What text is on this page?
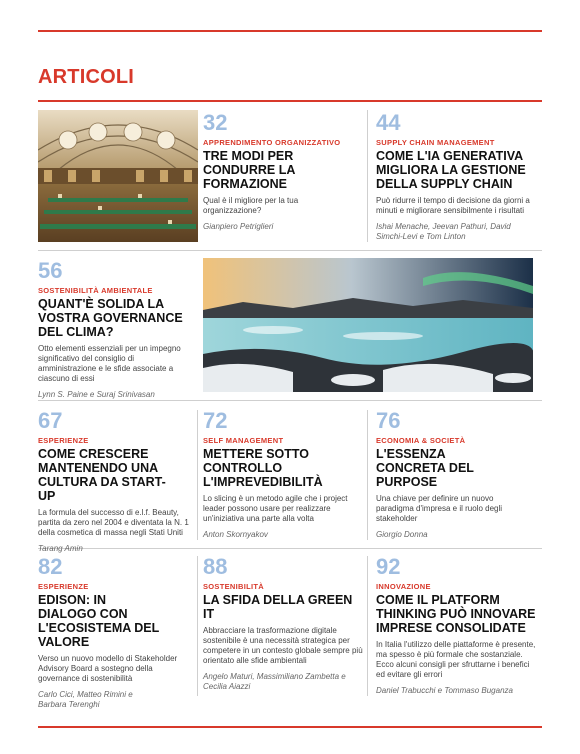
ARTICOLI
32
APPRENDIMENTO ORGANIZZATIVO
TRE MODI PER CONDURRE LA FORMAZIONE
Qual è il migliore per la tua organizzazione?
Gianpiero Petriglieri
44
SUPPLY CHAIN MANAGEMENT
COME L'IA GENERATIVA MIGLIORA LA GESTIONE DELLA SUPPLY CHAIN
Può ridurre il tempo di decisione da giorni a minuti e migliorare sensibilmente i risultati
Ishai Menache, Jeevan Pathuri, David Simchi-Levi e Tom Linton
56
SOSTENIBILITÀ AMBIENTALE
QUANT'È SOLIDA LA VOSTRA GOVERNANCE DEL CLIMA?
Otto elementi essenziali per un impegno significativo del consiglio di amministrazione e le sfide associate a ciascuno di essi
Lynn S. Paine e Suraj Srinivasan
67
ESPERIENZE
COME CRESCERE MANTENENDO UNA CULTURA DA START-UP
La formula del successo di e.l.f. Beauty, partita da zero nel 2004 e diventata la N. 1 della cosmetica di massa negli Stati Uniti
Tarang Amin
72
SELF MANAGEMENT
METTERE SOTTO CONTROLLO L'IMPREVEDIBILITÀ
Lo slicing è un metodo agile che i project leader possono usare per realizzare un'iniziativa una parte alla volta
Anton Skornyakov
76
ECONOMIA & SOCIETÀ
L'ESSENZA CONCRETA DEL PURPOSE
Una chiave per definire un nuovo paradigma d'impresa e il ruolo degli stakeholder
Giorgio Donna
82
ESPERIENZE
EDISON: IN DIALOGO CON L'ECOSISTEMA DEL VALORE
Verso un nuovo modello di Stakeholder Advisory Board a sostegno della governance di sostenibilità
Carlo Cici, Matteo Rimini e Barbara Terenghi
88
SOSTENIBILITÀ
LA SFIDA DELLA GREEN IT
Abbracciare la trasformazione digitale sostenibile è una necessità strategica per competere in un contesto globale sempre più orientato alle sfide ambientali
Angelo Maturi, Massimiliano Zambetta e Cecilia Aiazzi
92
INNOVAZIONE
COME IL PLATFORM THINKING PUÒ INNOVARE IMPRESE CONSOLIDATE
In Italia l'utilizzo delle piattaforme è presente, ma spesso è più formale che sostanziale. Ecco alcuni consigli per sfruttarne i benefici ed evitare gli errori
Daniel Trabucchi e Tommaso Buganza
